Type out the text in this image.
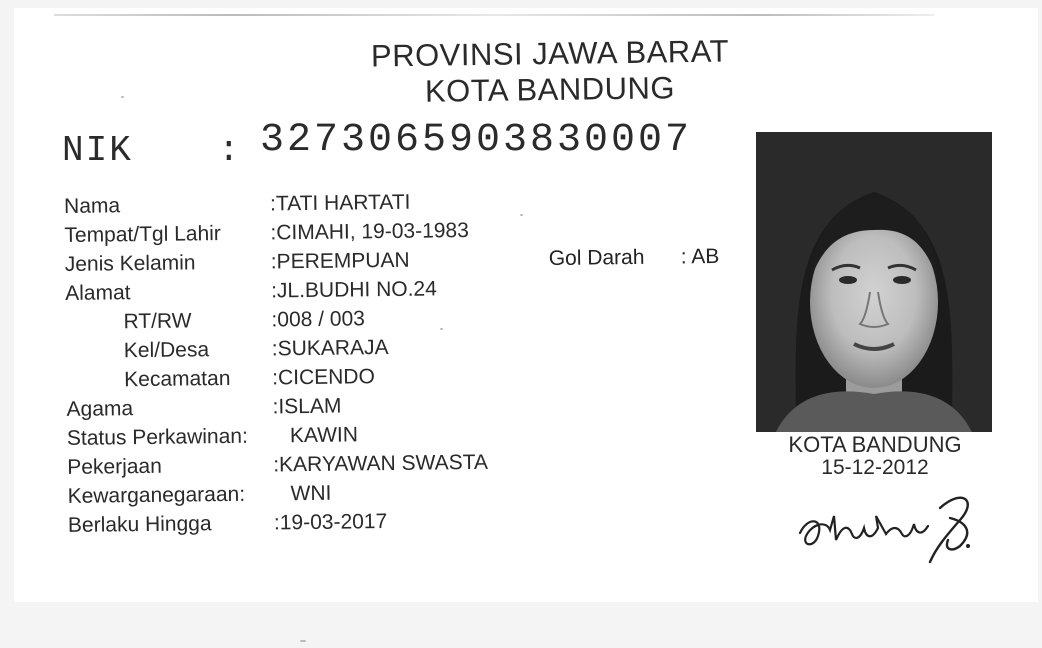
PROVINSI JAWA BARAT
KOTA BANDUNG
NIK : 3273065903830007
Nama	:TATI HARTATI
Tempat/Tgl Lahir :CIMAHI, 19-03-1983
Jenis Kelamin	:PEREMPUAN	Gol Darah : AB
Alamat	:JL.BUDHI NO.24
RT/RW	:008 / 003
Kel/Desa	:SUKARAJA
Kecamatan :CICENDO
Agama	:ISLAM
Status Perkawinan: KAWIN
Pekerjaan	:KARYAWAN SWASTA
Kewarganegaraan: WNI
Berlaku Hingga	:19-03-2017
KOTA BANDUNG
15-12-2012
